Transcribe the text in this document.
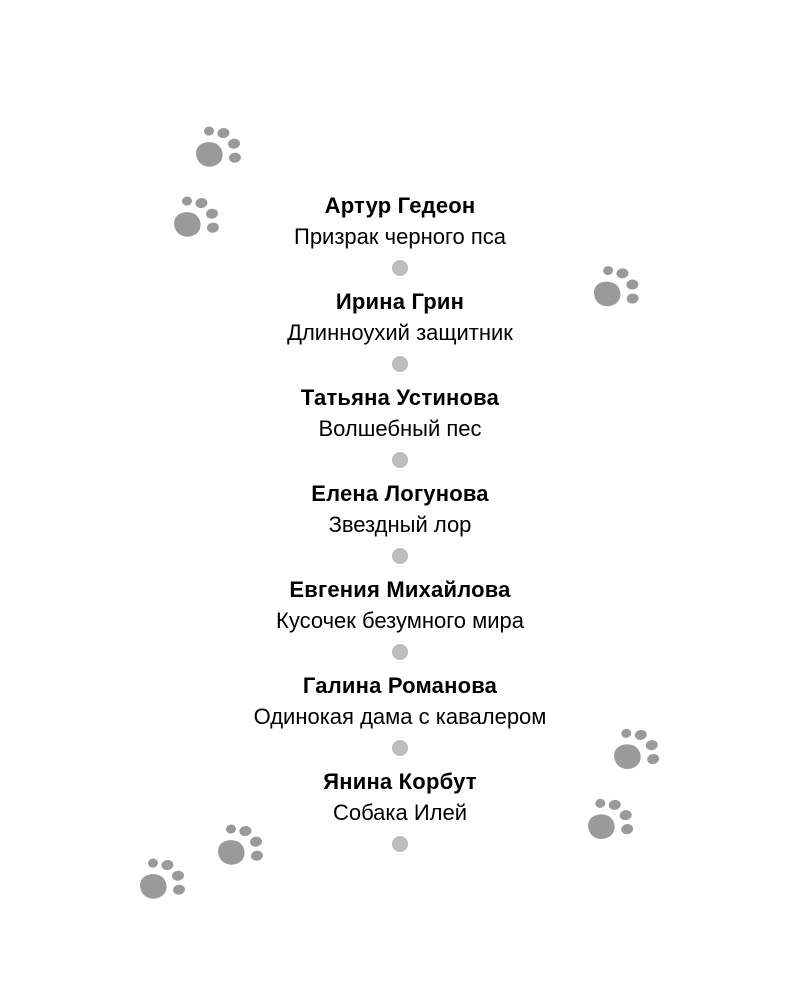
Артур Гедеон
Призрак черного пса
Ирина Грин
Длинноухий защитник
Татьяна Устинова
Волшебный пес
Елена Логунова
Звездный лор
Евгения Михайлова
Кусочек безумного мира
Галина Романова
Одинокая дама с кавалером
Янина Корбут
Собака Илей
